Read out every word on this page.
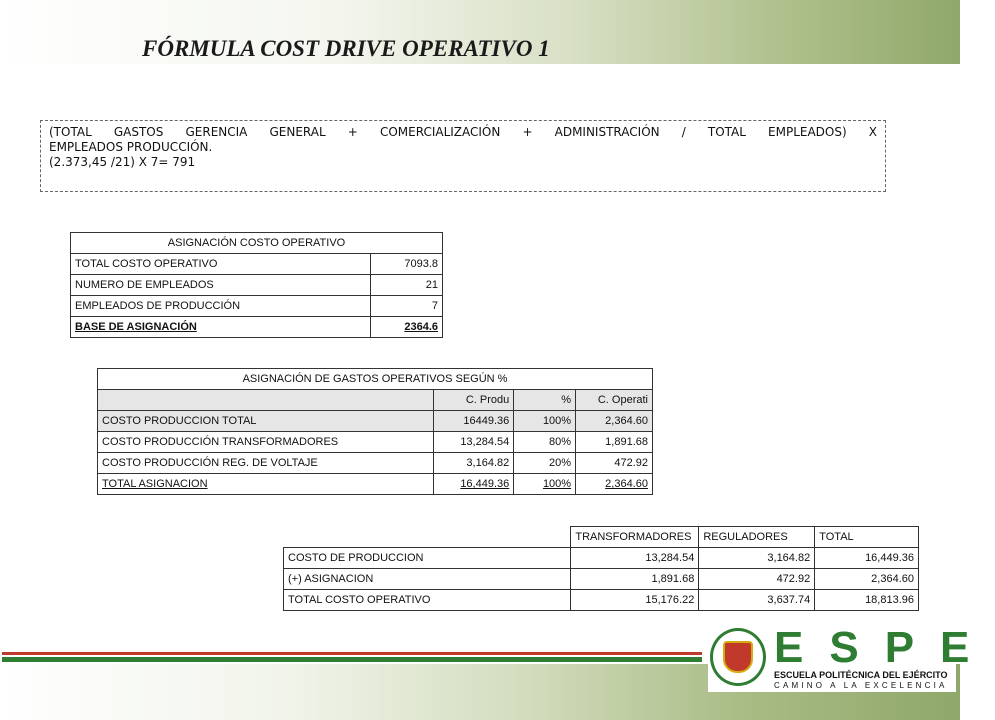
FÓRMULA COST DRIVE OPERATIVO 1
(TOTAL GASTOS GERENCIA GENERAL + COMERCIALIZACIÓN + ADMINISTRACIÓN / TOTAL EMPLEADOS) X
EMPLEADOS PRODUCCIÓN.
(2.373,45 /21) X 7= 791
ASIGNACIÓN COSTO OPERATIVO	
TOTAL COSTO OPERATIVO	7093.8
NUMERO DE EMPLEADOS	21
EMPLEADOS DE PRODUCCIÓN	7
BASE DE ASIGNACIÓN	2364.6
ASIGNACIÓN DE GASTOS OPERATIVOS SEGÚN %			
	C. Produ	%	C. Operati
COSTO PRODUCCION TOTAL	16449.36	100%	2,364.60
COSTO PRODUCCIÓN TRANSFORMADORES	13,284.54	80%	1,891.68
COSTO PRODUCCIÓN REG. DE VOLTAJE	3,164.82	20%	472.92
TOTAL ASIGNACION	16,449.36	100%	2,364.60
	TRANSFORMADORES	REGULADORES	TOTAL
COSTO DE PRODUCCION	13,284.54	3,164.82	16,449.36
(+) ASIGNACION	1,891.68	472.92	2,364.60
TOTAL COSTO OPERATIVO	15,176.22	3,637.74	18,813.96
ESPE
ESCUELA POLITÉCNICA DEL EJÉRCITO
CAMINO A LA EXCELENCIA
